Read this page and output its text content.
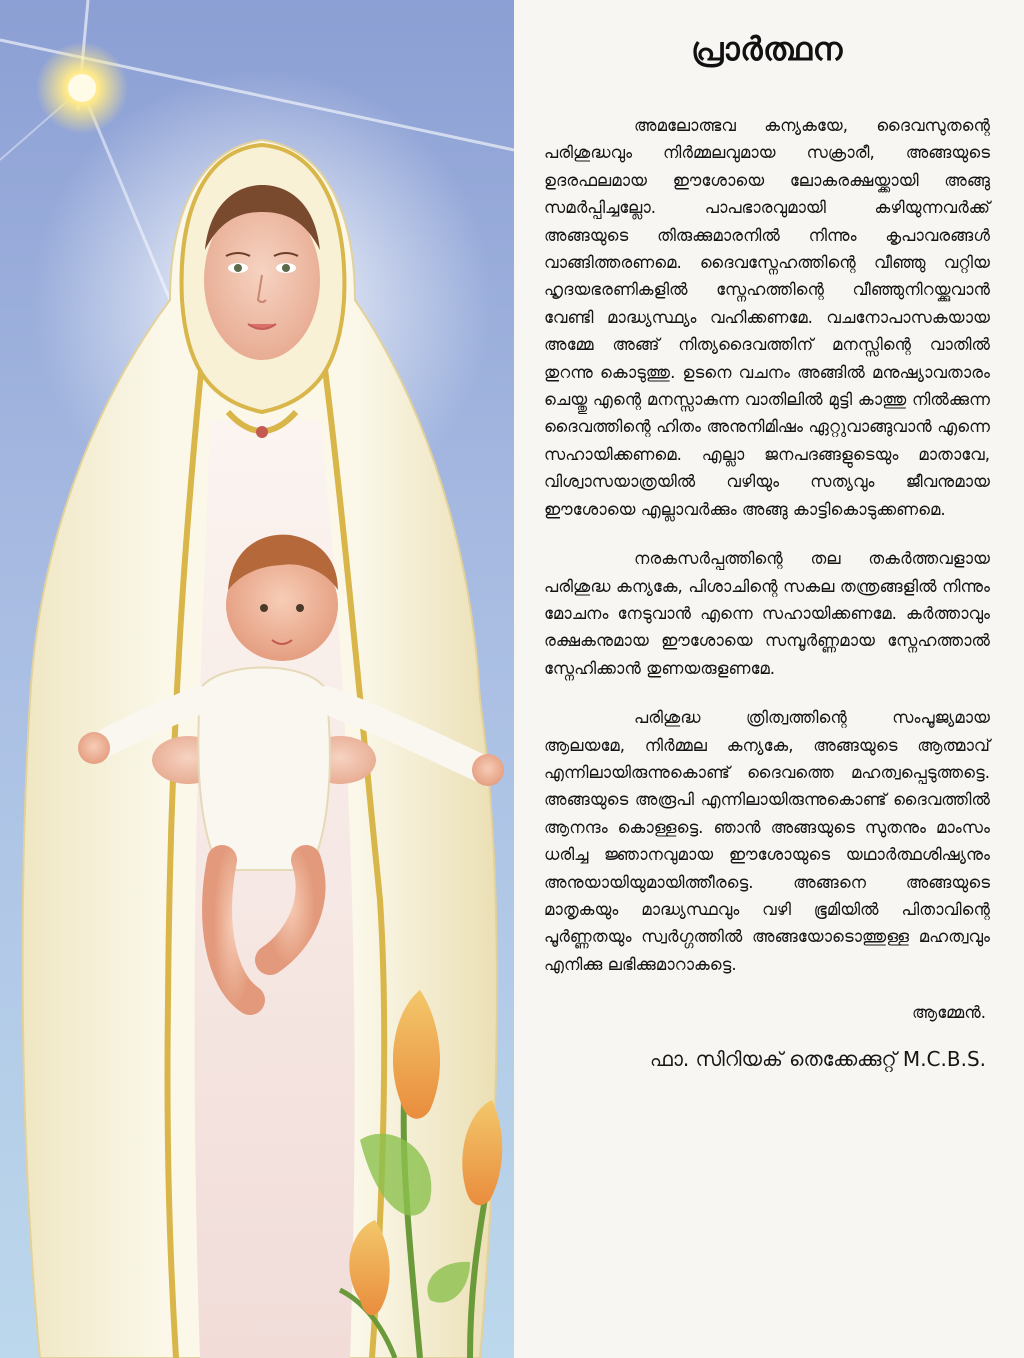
പ്രാർത്ഥന

അമലോത്ഭവ കന്യകയേ, ദൈവസുതന്റെ പരിശുദ്ധവും നിർമ്മലവുമായ സക്രാരീ, അങ്ങയുടെ ഉദരഫലമായ ഈശോയെ ലോകരക്ഷയ്ക്കായി അങ്ങു സമർപ്പിച്ചല്ലോ. പാപഭാരവുമായി കഴിയുന്നവർക്ക് അങ്ങയുടെ തിരുക്കുമാരനിൽ നിന്നും കൃപാവരങ്ങൾ വാങ്ങിത്തരണമെ. ദൈവസ്നേഹത്തിന്റെ വീഞ്ഞു വറ്റിയ ഹൃദയഭരണികളിൽ സ്നേഹത്തിന്റെ വീഞ്ഞുനിറയ്ക്കുവാൻ വേണ്ടി മാദ്ധ്യസ്ഥ്യം വഹിക്കണമേ. വചനോപാസകയായ അമ്മേ അങ്ങ് നിത്യദൈവത്തിന് മനസ്സിന്റെ വാതിൽ തുറന്നു കൊടുത്തു. ഉടനെ വചനം അങ്ങിൽ മനുഷ്യാവതാരം ചെയ്തു എന്റെ മനസ്സാകുന്ന വാതിലിൽ മുട്ടി കാത്തു നിൽക്കുന്ന ദൈവത്തിന്റെ ഹിതം അനുനിമിഷം ഏറ്റുവാങ്ങുവാൻ എന്നെ സഹായിക്കണമെ. എല്ലാ ജനപദങ്ങളുടെയും മാതാവേ, വിശ്വാസയാത്രയിൽ വഴിയും സത്യവും ജീവനുമായ ഈശോയെ എല്ലാവർക്കും അങ്ങു കാട്ടികൊടുക്കണമെ.

നരകസർപ്പത്തിന്റെ തല തകർത്തവളായ പരിശുദ്ധ കന്യകേ, പിശാചിന്റെ സകല തന്ത്രങ്ങളിൽ നിന്നും മോചനം നേടുവാൻ എന്നെ സഹായിക്കണമേ. കർത്താവും രക്ഷകനുമായ ഈശോയെ സമ്പൂർണ്ണമായ സ്നേഹത്താൽ സ്നേഹിക്കാൻ തുണയരുളണമേ.

പരിശുദ്ധ ത്രിത്വത്തിന്റെ സംപൂജ്യമായ ആലയമേ, നിർമ്മല കന്യകേ, അങ്ങയുടെ ആത്മാവ് എന്നിലായിരുന്നുകൊണ്ട് ദൈവത്തെ മഹത്വപ്പെടുത്തട്ടെ. അങ്ങയുടെ അരൂപി എന്നിലായിരുന്നുകൊണ്ട് ദൈവത്തിൽ ആനന്ദം കൊള്ളട്ടെ. ഞാൻ അങ്ങയുടെ സുതനും മാംസം ധരിച്ച ജ്ഞാനവുമായ ഈശോയുടെ യഥാർത്ഥശിഷ്യനും അനുയായിയുമായിത്തീരട്ടെ. അങ്ങനെ അങ്ങയുടെ മാതൃകയും മാദ്ധ്യസ്ഥവും വഴി ഭൂമിയിൽ പിതാവിന്റെ പൂർണ്ണതയും സ്വർഗ്ഗത്തിൽ അങ്ങയോടൊത്തുള്ള മഹത്വവും എനിക്കു ലഭിക്കുമാറാകട്ടെ.

ആമ്മേൻ.
ഫാ. സിറിയക് തെക്കേക്കുറ്റ് M.C.B.S.
